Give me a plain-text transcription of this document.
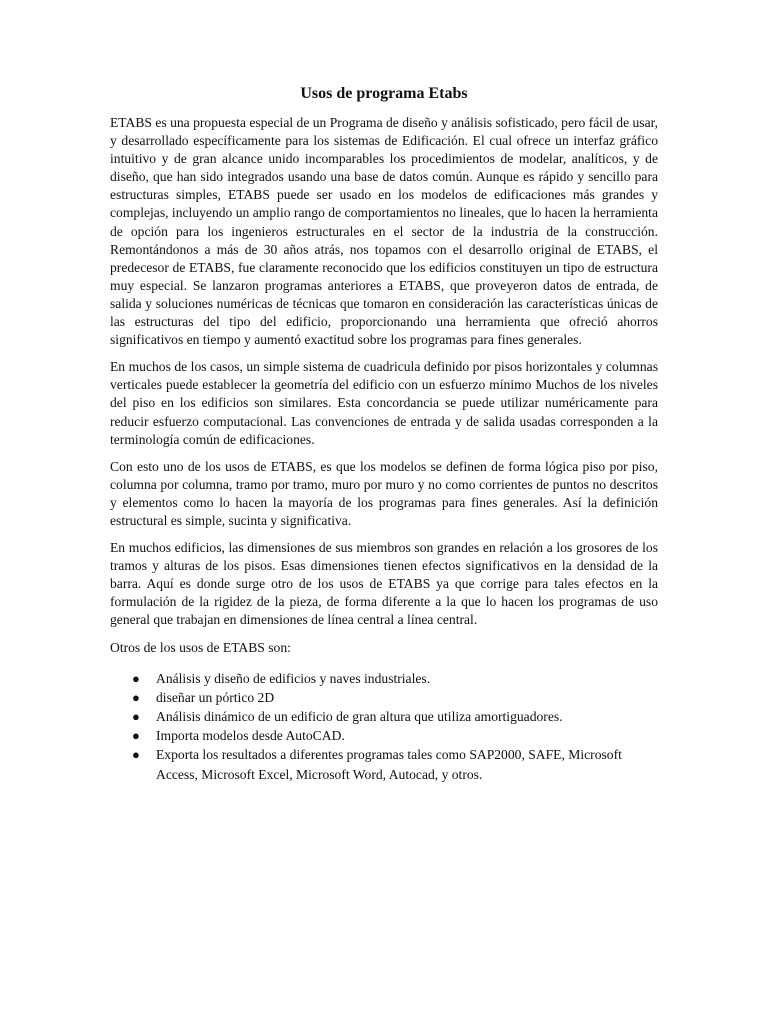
Usos de programa Etabs

ETABS es una propuesta especial de un Programa de diseño y análisis sofisticado, pero fácil de usar, y desarrollado específicamente para los sistemas de Edificación. El cual ofrece un interfaz gráfico intuitivo y de gran alcance unido incomparables los procedimientos de modelar, analíticos, y de diseño, que han sido integrados usando una base de datos común. Aunque es rápido y sencillo para estructuras simples, ETABS puede ser usado en los modelos de edificaciones más grandes y complejas, incluyendo un amplio rango de comportamientos no lineales, que lo hacen la herramienta de opción para los ingenieros estructurales en el sector de la industria de la construcción. Remontándonos a más de 30 años atrás, nos topamos con el desarrollo original de ETABS, el predecesor de ETABS, fue claramente reconocido que los edificios constituyen un tipo de estructura muy especial. Se lanzaron programas anteriores a ETABS, que proveyeron datos de entrada, de salida y soluciones numéricas de técnicas que tomaron en consideración las características únicas de las estructuras del tipo del edificio, proporcionando una herramienta que ofreció ahorros significativos en tiempo y aumentó exactitud sobre los programas para fines generales.

En muchos de los casos, un simple sistema de cuadricula definido por pisos horizontales y columnas verticales puede establecer la geometría del edificio con un esfuerzo mínimo Muchos de los niveles del piso en los edificios son similares. Esta concordancia se puede utilizar numéricamente para reducir esfuerzo computacional. Las convenciones de entrada y de salida usadas corresponden a la terminología común de edificaciones.

Con esto uno de los usos de ETABS, es que los modelos se definen de forma lógica piso por piso, columna por columna, tramo por tramo, muro por muro y no como corrientes de puntos no descritos y elementos como lo hacen la mayoría de los programas para fines generales. Así la definición estructural es simple, sucinta y significativa.

En muchos edificios, las dimensiones de sus miembros son grandes en relación a los grosores de los tramos y alturas de los pisos. Esas dimensiones tienen efectos significativos en la densidad de la barra. Aquí es donde surge otro de los usos de ETABS ya que corrige para tales efectos en la formulación de la rigidez de la pieza, de forma diferente a la que lo hacen los programas de uso general que trabajan en dimensiones de línea central a línea central.

Otros de los usos de ETABS son:

● Análisis y diseño de edificios y naves industriales.
● diseñar un pórtico 2D
● Análisis dinámico de un edificio de gran altura que utiliza amortiguadores.
● Importa modelos desde AutoCAD.
● Exporta los resultados a diferentes programas tales como SAP2000, SAFE, Microsoft Access, Microsoft Excel, Microsoft Word, Autocad, y otros.
